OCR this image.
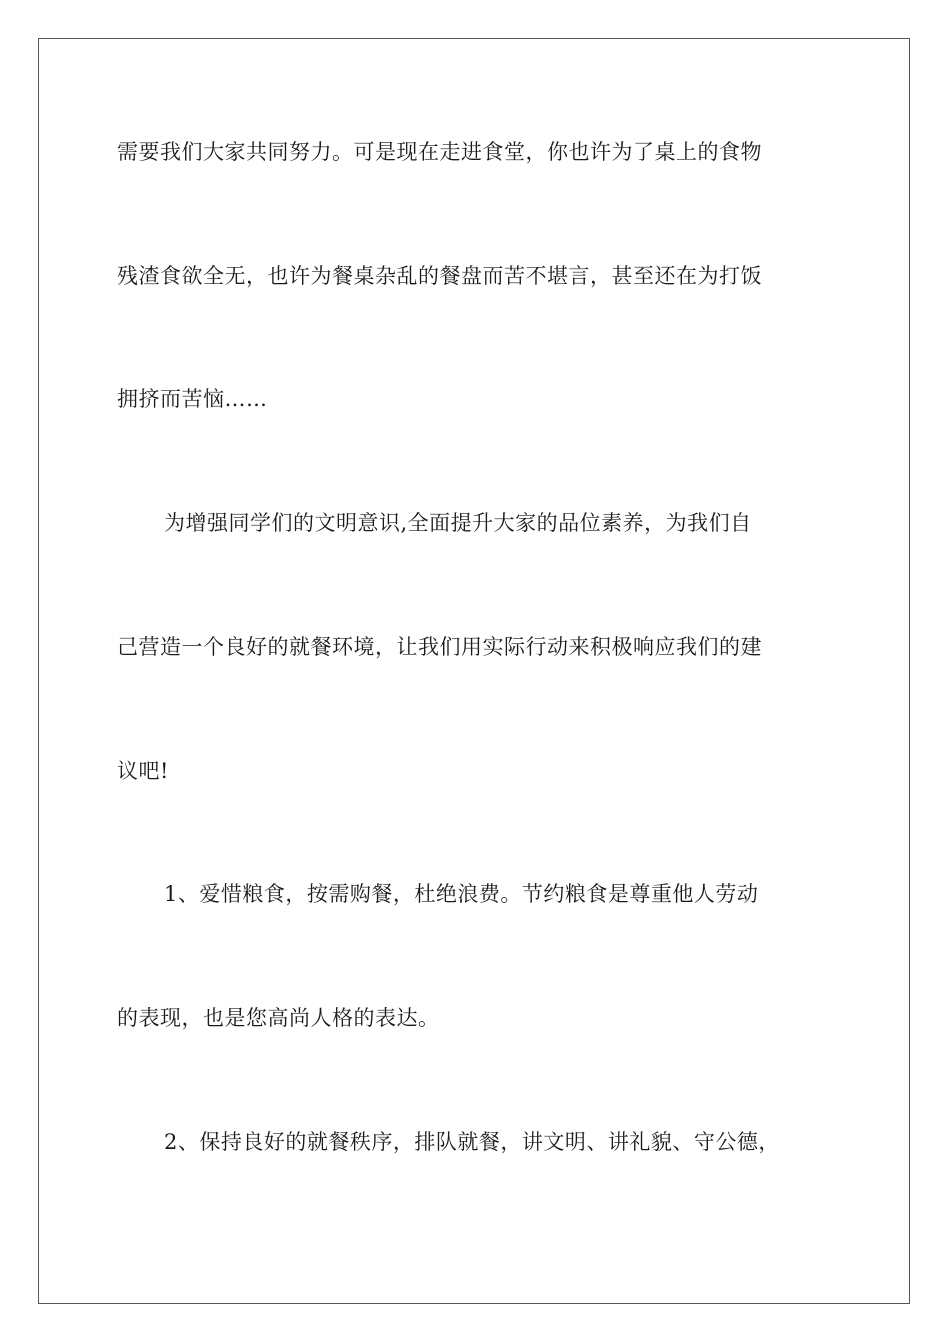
需要我们大家共同努力。可是现在走进食堂，你也许为了桌上的食物
残渣食欲全无，也许为餐桌杂乱的餐盘而苦不堪言，甚至还在为打饭
拥挤而苦恼……
为增强同学们的文明意识,全面提升大家的品位素养，为我们自
己营造一个良好的就餐环境，让我们用实际行动来积极响应我们的建
议吧!
1、爱惜粮食，按需购餐，杜绝浪费。节约粮食是尊重他人劳动
的表现，也是您高尚人格的表达。
2、保持良好的就餐秩序，排队就餐，讲文明、讲礼貌、守公德，
